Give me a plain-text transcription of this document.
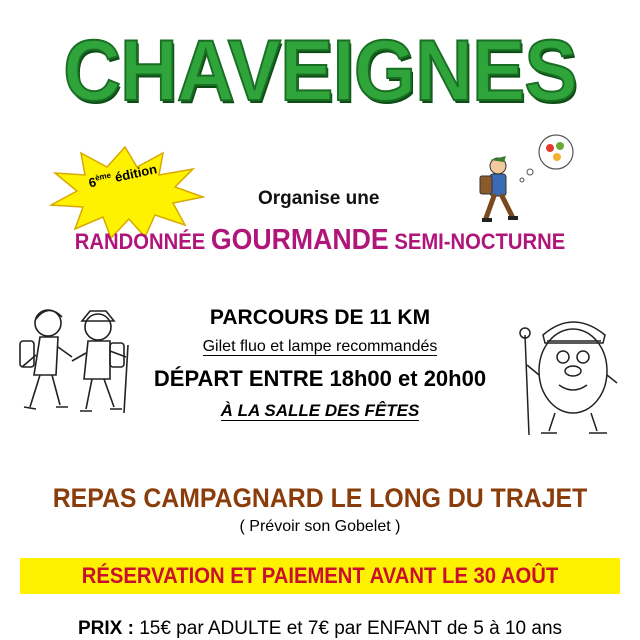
CHAVEIGNES
6ème édition
Organise une
RANDONNÉE GOURMANDE SEMI-NOCTURNE
PARCOURS DE 11 KM
Gilet fluo et lampe recommandés
DÉPART ENTRE 18h00 et 20h00
À LA SALLE DES FÊTES
REPAS CAMPAGNARD LE LONG DU TRAJET
( Prévoir son Gobelet )
RÉSERVATION ET PAIEMENT AVANT LE 30 AOÛT
PRIX : 15€ par ADULTE et 7€ par ENFANT de 5 à 10 ans
